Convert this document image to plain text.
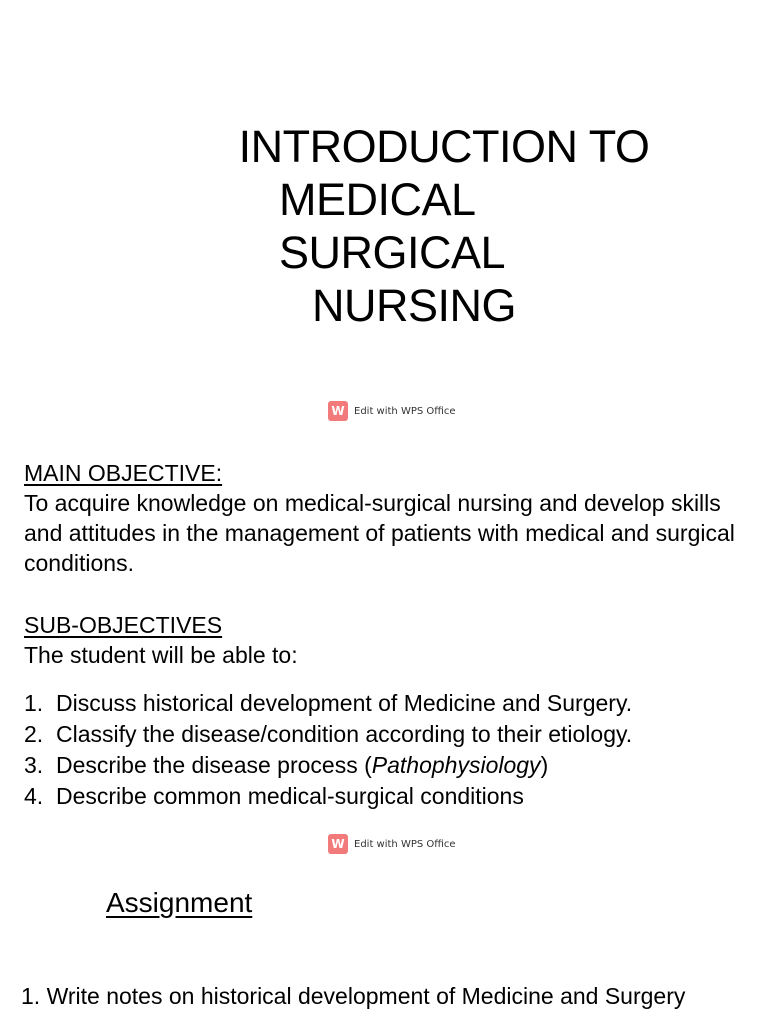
INTRODUCTION TO
MEDICAL SURGICAL
NURSING
W Edit with WPS Office
MAIN OBJECTIVE:
To acquire knowledge on medical-surgical nursing and develop skills and attitudes in the management of patients with medical and surgical conditions.
SUB-OBJECTIVES
The student will be able to:
1. Discuss historical development of Medicine and Surgery.
2. Classify the disease/condition according to their etiology.
3. Describe the disease process (Pathophysiology)
4. Describe common medical-surgical conditions
W Edit with WPS Office
Assignment
1. Write notes on historical development of Medicine and Surgery
